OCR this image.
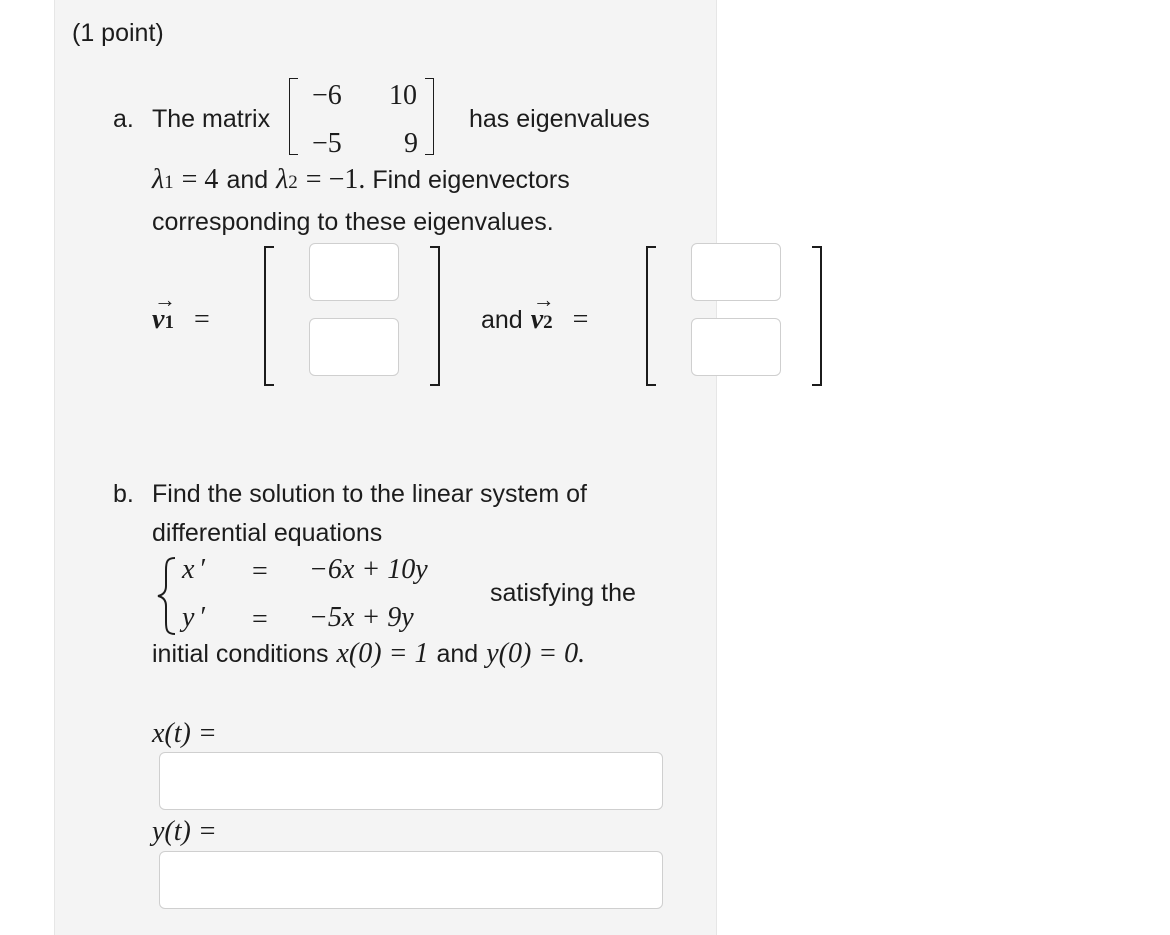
(1 point)
a. The matrix
−6 10
−5 9
has eigenvalues
λ 1 = 4 and λ 2 = −1. Find eigenvectors
corresponding to these eigenvalues.
→ v 1 =	and
→ v 2 =
b. Find the solution to the linear system of
differential equations
x ′ = −6x + 10y
y ′ = −5x + 9y
satisfying the
initial conditions x(0) = 1 and y(0) = 0.
x(t) =
y(t) =
